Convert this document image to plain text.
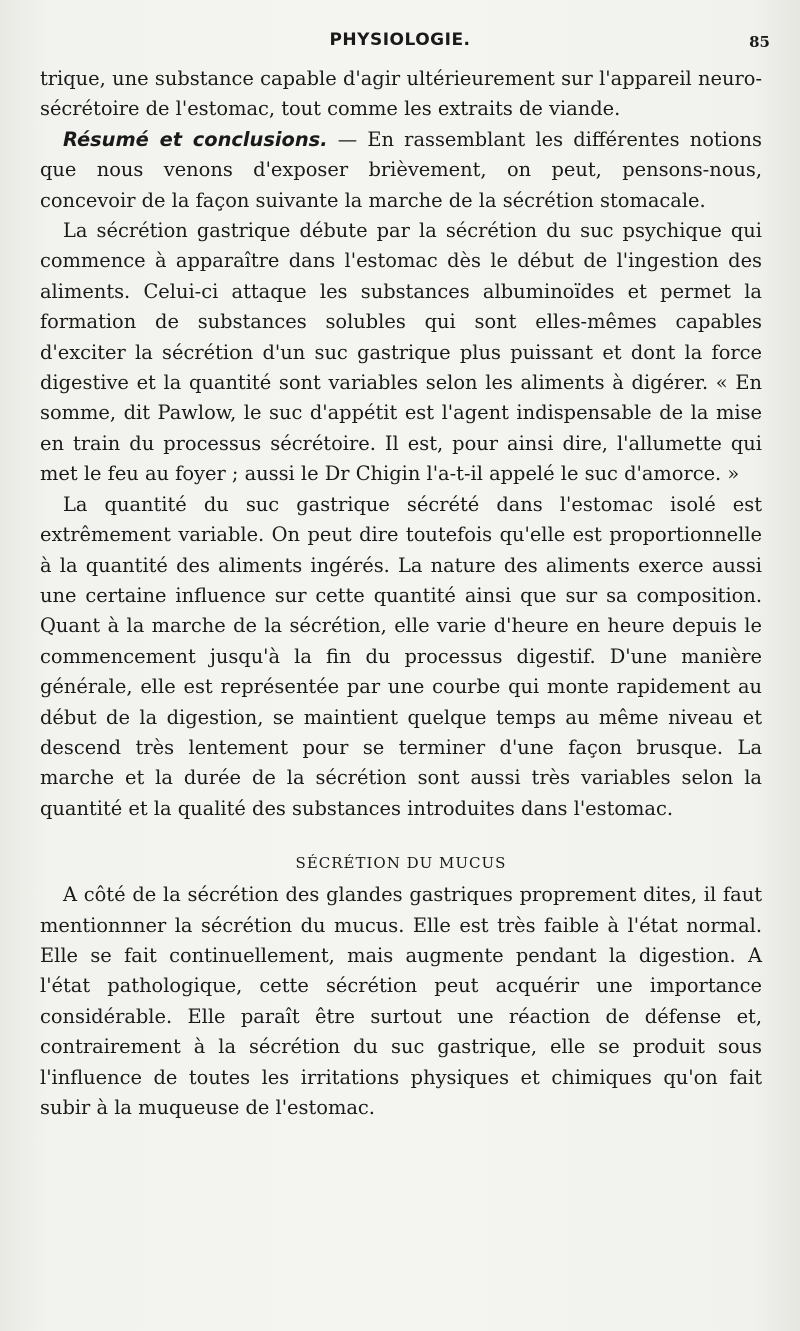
PHYSIOLOGIE.	85

trique, une substance capable d'agir ultérieurement sur l'appareil neuro-sécrétoire de l'estomac, tout comme les extraits de viande.

Résumé et conclusions. — En rassemblant les différentes notions que nous venons d'exposer brièvement, on peut, pensons-nous, concevoir de la façon suivante la marche de la sécrétion stomacale.

La sécrétion gastrique débute par la sécrétion du suc psychique qui commence à apparaître dans l'estomac dès le début de l'ingestion des aliments. Celui-ci attaque les substances albuminoïdes et permet la formation de substances solubles qui sont elles-mêmes capables d'exciter la sécrétion d'un suc gastrique plus puissant et dont la force digestive et la quantité sont variables selon les aliments à digérer. « En somme, dit Pawlow, le suc d'appétit est l'agent indispensable de la mise en train du processus sécrétoire. Il est, pour ainsi dire, l'allumette qui met le feu au foyer ; aussi le Dr Chigin l'a-t-il appelé le suc d'amorce. »

La quantité du suc gastrique sécrété dans l'estomac isolé est extrêmement variable. On peut dire toutefois qu'elle est proportionnelle à la quantité des aliments ingérés. La nature des aliments exerce aussi une certaine influence sur cette quantité ainsi que sur sa composition. Quant à la marche de la sécrétion, elle varie d'heure en heure depuis le commencement jusqu'à la fin du processus digestif. D'une manière générale, elle est représentée par une courbe qui monte rapidement au début de la digestion, se maintient quelque temps au même niveau et descend très lentement pour se terminer d'une façon brusque. La marche et la durée de la sécrétion sont aussi très variables selon la quantité et la qualité des substances introduites dans l'estomac.

SÉCRÉTION DU MUCUS

A côté de la sécrétion des glandes gastriques proprement dites, il faut mentionnner la sécrétion du mucus. Elle est très faible à l'état normal. Elle se fait continuellement, mais augmente pendant la digestion. A l'état pathologique, cette sécrétion peut acquérir une importance considérable. Elle paraît être surtout une réaction de défense et, contrairement à la sécrétion du suc gastrique, elle se produit sous l'influence de toutes les irritations physiques et chimiques qu'on fait subir à la muqueuse de l'estomac.
